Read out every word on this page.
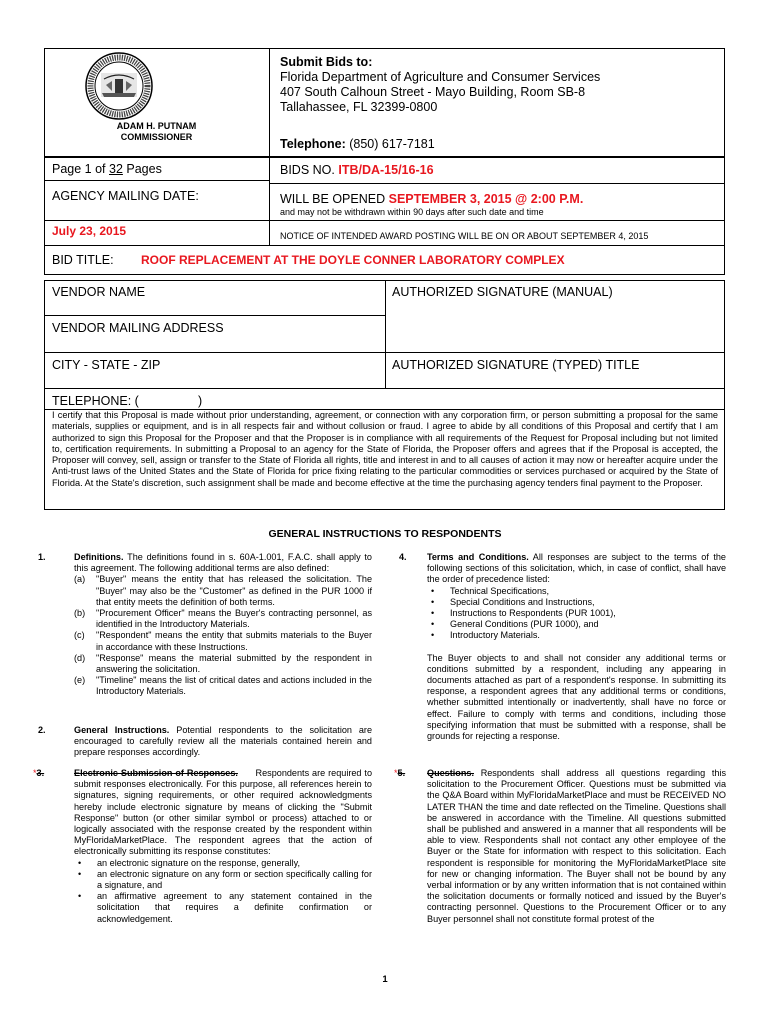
ADAM H. PUTNAM
COMMISSIONER
Submit Bids to:
Florida Department of Agriculture and Consumer Services
407 South Calhoun Street - Mayo Building, Room SB-8
Tallahassee, FL 32399-0800
Telephone: (850) 617-7181
Page 1 of 32 Pages	BIDS NO. ITB/DA-15/16-16
AGENCY MAILING DATE:	WILL BE OPENED SEPTEMBER 3, 2015 @ 2:00 P.M.
and may not be withdrawn within 90 days after such date and time
July 23, 2015	NOTICE OF INTENDED AWARD POSTING WILL BE ON OR ABOUT SEPTEMBER 4, 2015
BID TITLE: ROOF REPLACEMENT AT THE DOYLE CONNER LABORATORY COMPLEX
VENDOR NAME	AUTHORIZED SIGNATURE (MANUAL)
VENDOR MAILING ADDRESS
CITY - STATE - ZIP	AUTHORIZED SIGNATURE (TYPED) TITLE
TELEPHONE: (	)
I certify that this Proposal is made without prior understanding, agreement, or connection with any corporation firm, or person submitting a proposal for the same materials, supplies or equipment, and is in all respects fair and without collusion or fraud. I agree to abide by all conditions of this Proposal and certify that I am authorized to sign this Proposal for the Proposer and that the Proposer is in compliance with all requirements of the Request for Proposal including but not limited to, certification requirements. In submitting a Proposal to an agency for the State of Florida, the Proposer offers and agrees that if the Proposal is accepted, the Proposer will convey, sell, assign or transfer to the State of Florida all rights, title and interest in and to all causes of action it may now or hereafter acquire under the Anti-trust laws of the United States and the State of Florida for price fixing relating to the particular commodities or services purchased or acquired by the State of Florida. At the State's discretion, such assignment shall be made and become effective at the time the purchasing agency tenders final payment to the Proposer.
GENERAL INSTRUCTIONS TO RESPONDENTS
1.	Definitions. The definitions found in s. 60A-1.001, F.A.C. shall apply to this agreement. The following additional terms are also defined:

(a) "Buyer" means the entity that has released the solicitation. The "Buyer" may also be the "Customer" as defined in the PUR 1000 if that entity meets the definition of both terms.
(b) "Procurement Officer" means the Buyer's contracting personnel, as identified in the Introductory Materials.
(c) "Respondent" means the entity that submits materials to the Buyer in accordance with these Instructions.
(d) "Response" means the material submitted by the respondent in answering the solicitation.
(e) "Timeline" means the list of critical dates and actions included in the Introductory Materials.
2.	General Instructions. Potential respondents to the solicitation are encouraged to carefully review all the materials contained herein and prepare responses accordingly.

*3.	Electronic Submission of Responses. Respondents are required to submit responses electronically. For this purpose, all references herein to signatures, signing requirements, or other required acknowledgments hereby include electronic signature by means of clicking the "Submit Response" button (or other similar symbol or process) attached to or logically associated with the response created by the respondent within MyFloridaMarketPlace. The respondent agrees that the action of electronically submitting its response constitutes:

• an electronic signature on the response, generally,
• an electronic signature on any form or section specifically calling for a signature, and
• an affirmative agreement to any statement contained in the solicitation that requires a definite confirmation or acknowledgement.
4. Terms and Conditions. All responses are subject to the terms of the following sections of this solicitation, which, in case of conflict, shall have the order of precedence listed:

• Technical Specifications,
• Special Conditions and Instructions,
• Instructions to Respondents (PUR 1001),
• General Conditions (PUR 1000), and
• Introductory Materials.

The Buyer objects to and shall not consider any additional terms or conditions submitted by a respondent, including any appearing in documents attached as part of a respondent's response. In submitting its response, a respondent agrees that any additional terms or conditions, whether submitted intentionally or inadvertently, shall have no force or effect. Failure to comply with terms and conditions, including those specifying information that must be submitted with a response, shall be grounds for rejecting a response.

*5. Questions. Respondents shall address all questions regarding this solicitation to the Procurement Officer. Questions must be submitted via the Q&A Board within MyFloridaMarketPlace and must be RECEIVED NO LATER THAN the time and date reflected on the Timeline. Questions shall be answered in accordance with the Timeline. All questions submitted shall be published and answered in a manner that all respondents will be able to view. Respondents shall not contact any other employee of the Buyer or the State for information with respect to this solicitation. Each respondent is responsible for monitoring the MyFloridaMarketPlace site for new or changing information. The Buyer shall not be bound by any verbal information or by any written information that is not contained within the solicitation documents or formally noticed and issued by the Buyer's contracting personnel. Questions to the Procurement Officer or to any Buyer personnel shall not constitute formal protest of the

1
